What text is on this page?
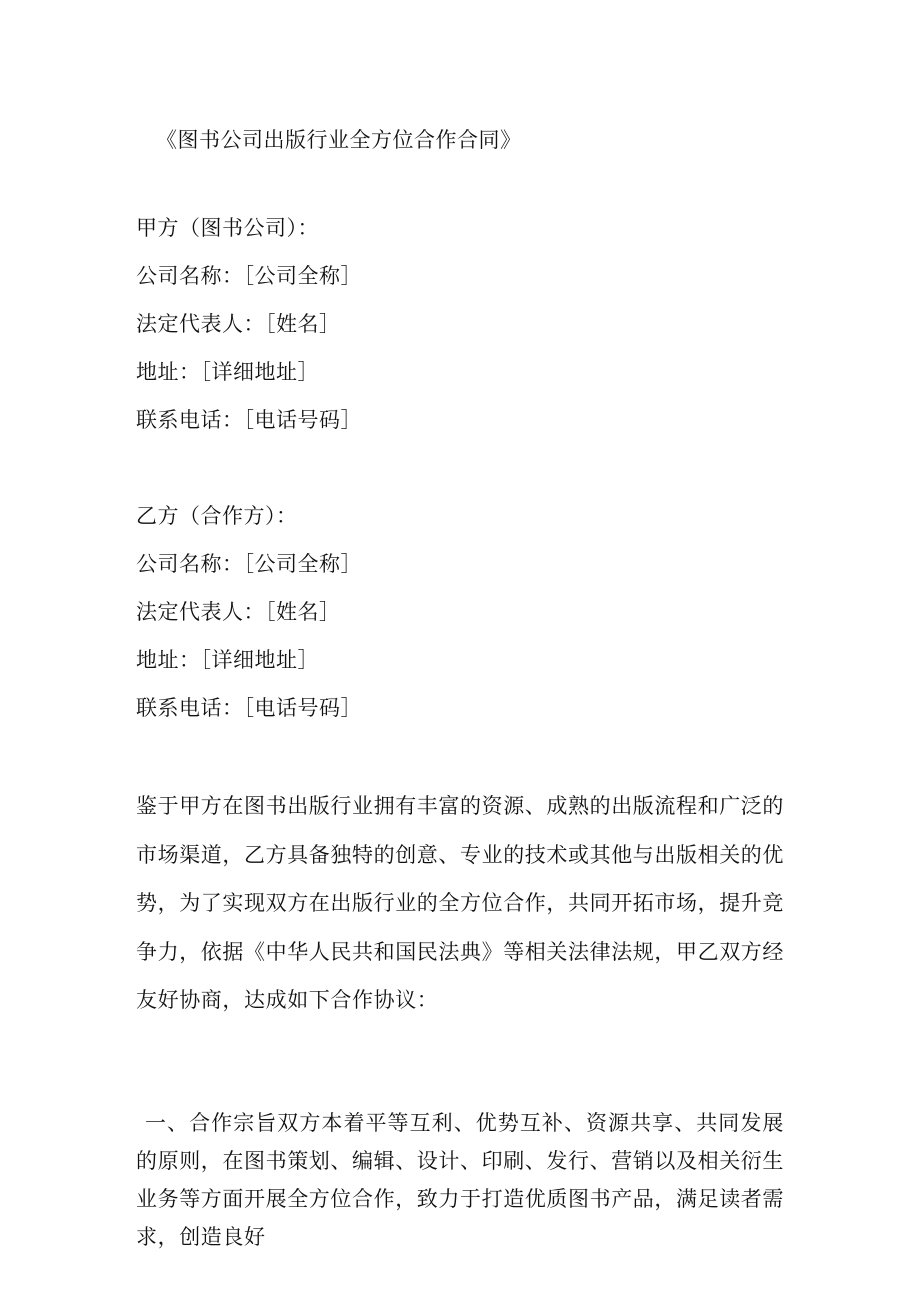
《图书公司出版行业全方位合作合同》
甲方（图书公司）：
公司名称：［公司全称］
法定代表人：［姓名］
地址：［详细地址］
联系电话：［电话号码］
乙方（合作方）：
公司名称：［公司全称］
法定代表人：［姓名］
地址：［详细地址］
联系电话：［电话号码］

鉴于甲方在图书出版行业拥有丰富的资源、成熟的出版流程和广泛的市场渠道，乙方具备独特的创意、专业的技术或其他与出版相关的优势，为了实现双方在出版行业的全方位合作，共同开拓市场，提升竞争力，依据《中华人民共和国民法典》等相关法律法规，甲乙双方经友好协商，达成如下合作协议：

一、合作宗旨双方本着平等互利、优势互补、资源共享、共同发展的原则，在图书策划、编辑、设计、印刷、发行、营销以及相关衍生业务等方面开展全方位合作，致力于打造优质图书产品，满足读者需求，创造良好
